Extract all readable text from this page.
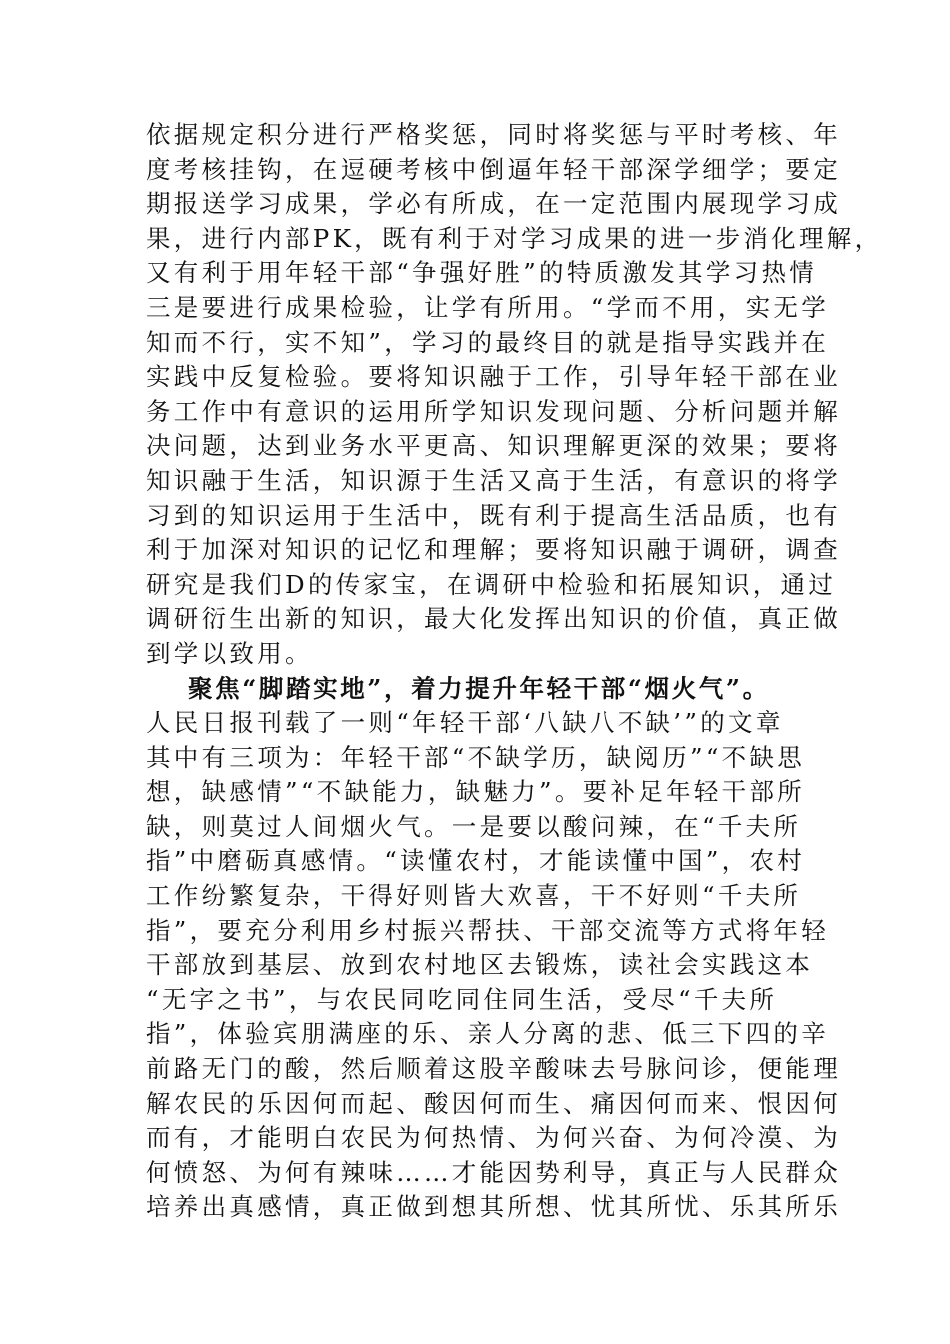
依据规定积分进行严格奖惩，同时将奖惩与平时考核、年
度考核挂钩，在逗硬考核中倒逼年轻干部深学细学；要定
期报送学习成果，学必有所成，在一定范围内展现学习成
果，进行内部PK，既有利于对学习成果的进一步消化理解，
又有利于用年轻干部“争强好胜”的特质激发其学习热情
三是要进行成果检验，让学有所用。“学而不用，实无学
知而不行，实不知”，学习的最终目的就是指导实践并在
实践中反复检验。要将知识融于工作，引导年轻干部在业
务工作中有意识的运用所学知识发现问题、分析问题并解
决问题，达到业务水平更高、知识理解更深的效果；要将
知识融于生活，知识源于生活又高于生活，有意识的将学
习到的知识运用于生活中，既有利于提高生活品质，也有
利于加深对知识的记忆和理解；要将知识融于调研，调查
研究是我们D的传家宝，在调研中检验和拓展知识，通过
调研衍生出新的知识，最大化发挥出知识的价值，真正做
到学以致用。
聚焦“脚踏实地”，着力提升年轻干部“烟火气”。
人民日报刊载了一则“年轻干部‘八缺八不缺’”的文章
其中有三项为：年轻干部“不缺学历，缺阅历”“不缺思
想，缺感情”“不缺能力，缺魅力”。要补足年轻干部所
缺，则莫过人间烟火气。一是要以酸问辣，在“千夫所
指”中磨砺真感情。“读懂农村，才能读懂中国”，农村
工作纷繁复杂，干得好则皆大欢喜，干不好则“千夫所
指”，要充分利用乡村振兴帮扶、干部交流等方式将年轻
干部放到基层、放到农村地区去锻炼，读社会实践这本
“无字之书”，与农民同吃同住同生活，受尽“千夫所
指”，体验宾朋满座的乐、亲人分离的悲、低三下四的辛
前路无门的酸，然后顺着这股辛酸味去号脉问诊，便能理
解农民的乐因何而起、酸因何而生、痛因何而来、恨因何
而有，才能明白农民为何热情、为何兴奋、为何冷漠、为
何愤怒、为何有辣味……才能因势利导，真正与人民群众
培养出真感情，真正做到想其所想、忧其所忧、乐其所乐
